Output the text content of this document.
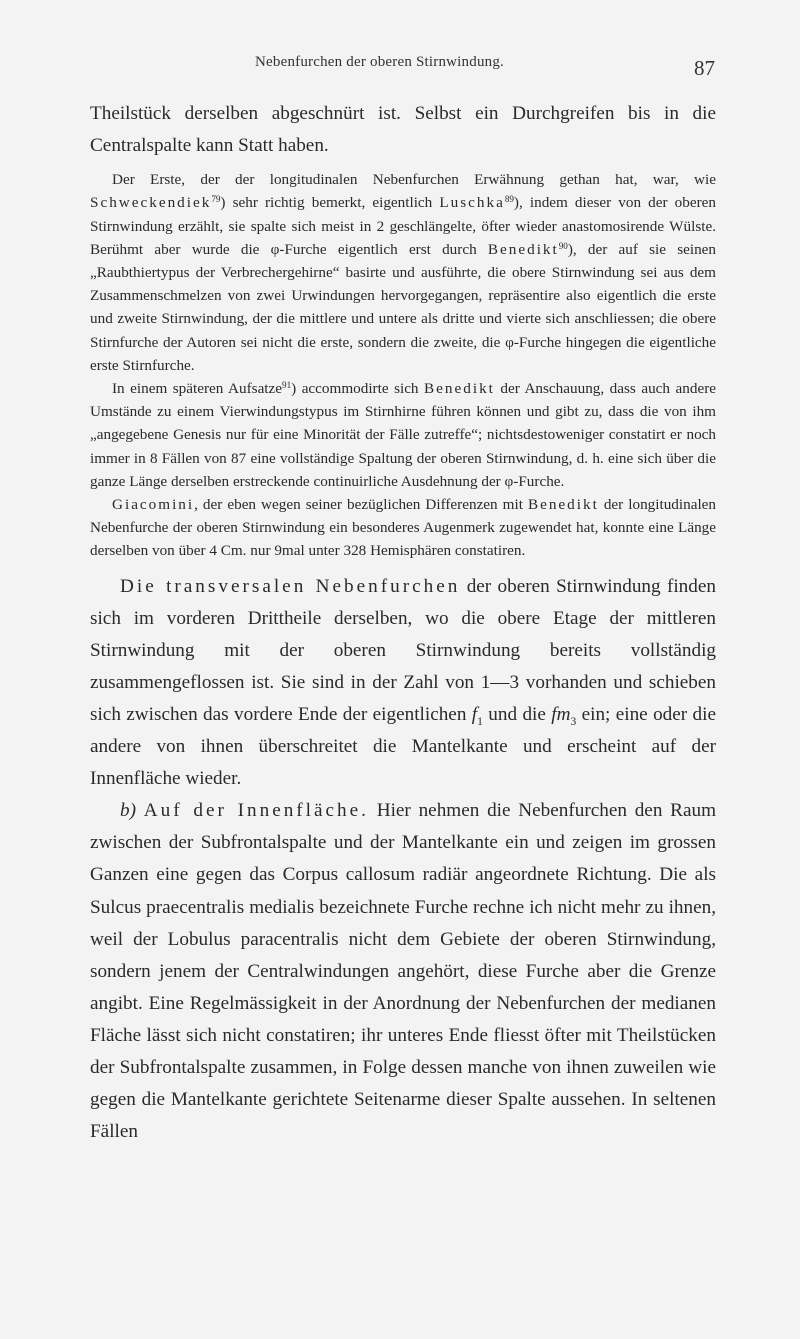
Nebenfurchen der oberen Stirnwindung.	87

Theilstück derselben abgeschnürt ist. Selbst ein Durchgreifen bis in die Centralspalte kann Statt haben.

Der Erste, der der longitudinalen Nebenfurchen Erwähnung gethan hat, war, wie Schweckendiek$^{79}$) sehr richtig bemerkt, eigentlich Luschka$^{89}$), indem dieser von der oberen Stirnwindung erzählt, sie spalte sich meist in 2 geschlängelte, öfter wieder anastomosirende Wülste. Berühmt aber wurde die φ-Furche eigentlich erst durch Benedikt$^{90}$), der auf sie seinen „Raubthiertypus der Verbrechergehirne“ basirte und ausführte, die obere Stirnwindung sei aus dem Zusammenschmelzen von zwei Urwindungen hervorgegangen, repräsentire also eigentlich die erste und zweite Stirnwindung, der die mittlere und untere als dritte und vierte sich anschliessen; die obere Stirnfurche der Autoren sei nicht die erste, sondern die zweite, die φ-Furche hingegen die eigentliche erste Stirnfurche.

In einem späteren Aufsatze$^{91}$) accommodirte sich Benedikt der Anschauung, dass auch andere Umstände zu einem Vierwindungstypus im Stirnhirne führen können und gibt zu, dass die von ihm „angegebene Genesis nur für eine Minorität der Fälle zutreffe“; nichtsdestoweniger constatirt er noch immer in 8 Fällen von 87 eine vollständige Spaltung der oberen Stirnwindung, d. h. eine sich über die ganze Länge derselben erstreckende continuirliche Ausdehnung der φ-Furche.

Giacomini, der eben wegen seiner bezüglichen Differenzen mit Benedikt der longitudinalen Nebenfurche der oberen Stirnwindung ein besonderes Augenmerk zugewendet hat, konnte eine Länge derselben von über 4 Cm. nur 9mal unter 328 Hemisphären constatiren.

Die transversalen Nebenfurchen der oberen Stirnwindung finden sich im vorderen Drittheile derselben, wo die obere Etage der mittleren Stirnwindung mit der oberen Stirnwindung bereits vollständig zusammengeflossen ist. Sie sind in der Zahl von 1—3 vorhanden und schieben sich zwischen das vordere Ende der eigentlichen $f_1$ und die $fm_3$ ein; eine oder die andere von ihnen überschreitet die Mantelkante und erscheint auf der Innenfläche wieder.

b) Auf der Innenfläche. Hier nehmen die Nebenfurchen den Raum zwischen der Subfrontalspalte und der Mantelkante ein und zeigen im grossen Ganzen eine gegen das Corpus callosum radiär angeordnete Richtung. Die als Sulcus praecentralis medialis bezeichnete Furche rechne ich nicht mehr zu ihnen, weil der Lobulus paracentralis nicht dem Gebiete der oberen Stirnwindung, sondern jenem der Centralwindungen angehört, diese Furche aber die Grenze angibt. Eine Regelmässigkeit in der Anordnung der Nebenfurchen der medianen Fläche lässt sich nicht constatiren; ihr unteres Ende fliesst öfter mit Theilstücken der Subfrontalspalte zusammen, in Folge dessen manche von ihnen zuweilen wie gegen die Mantelkante gerichtete Seitenarme dieser Spalte aussehen. In seltenen Fällen
